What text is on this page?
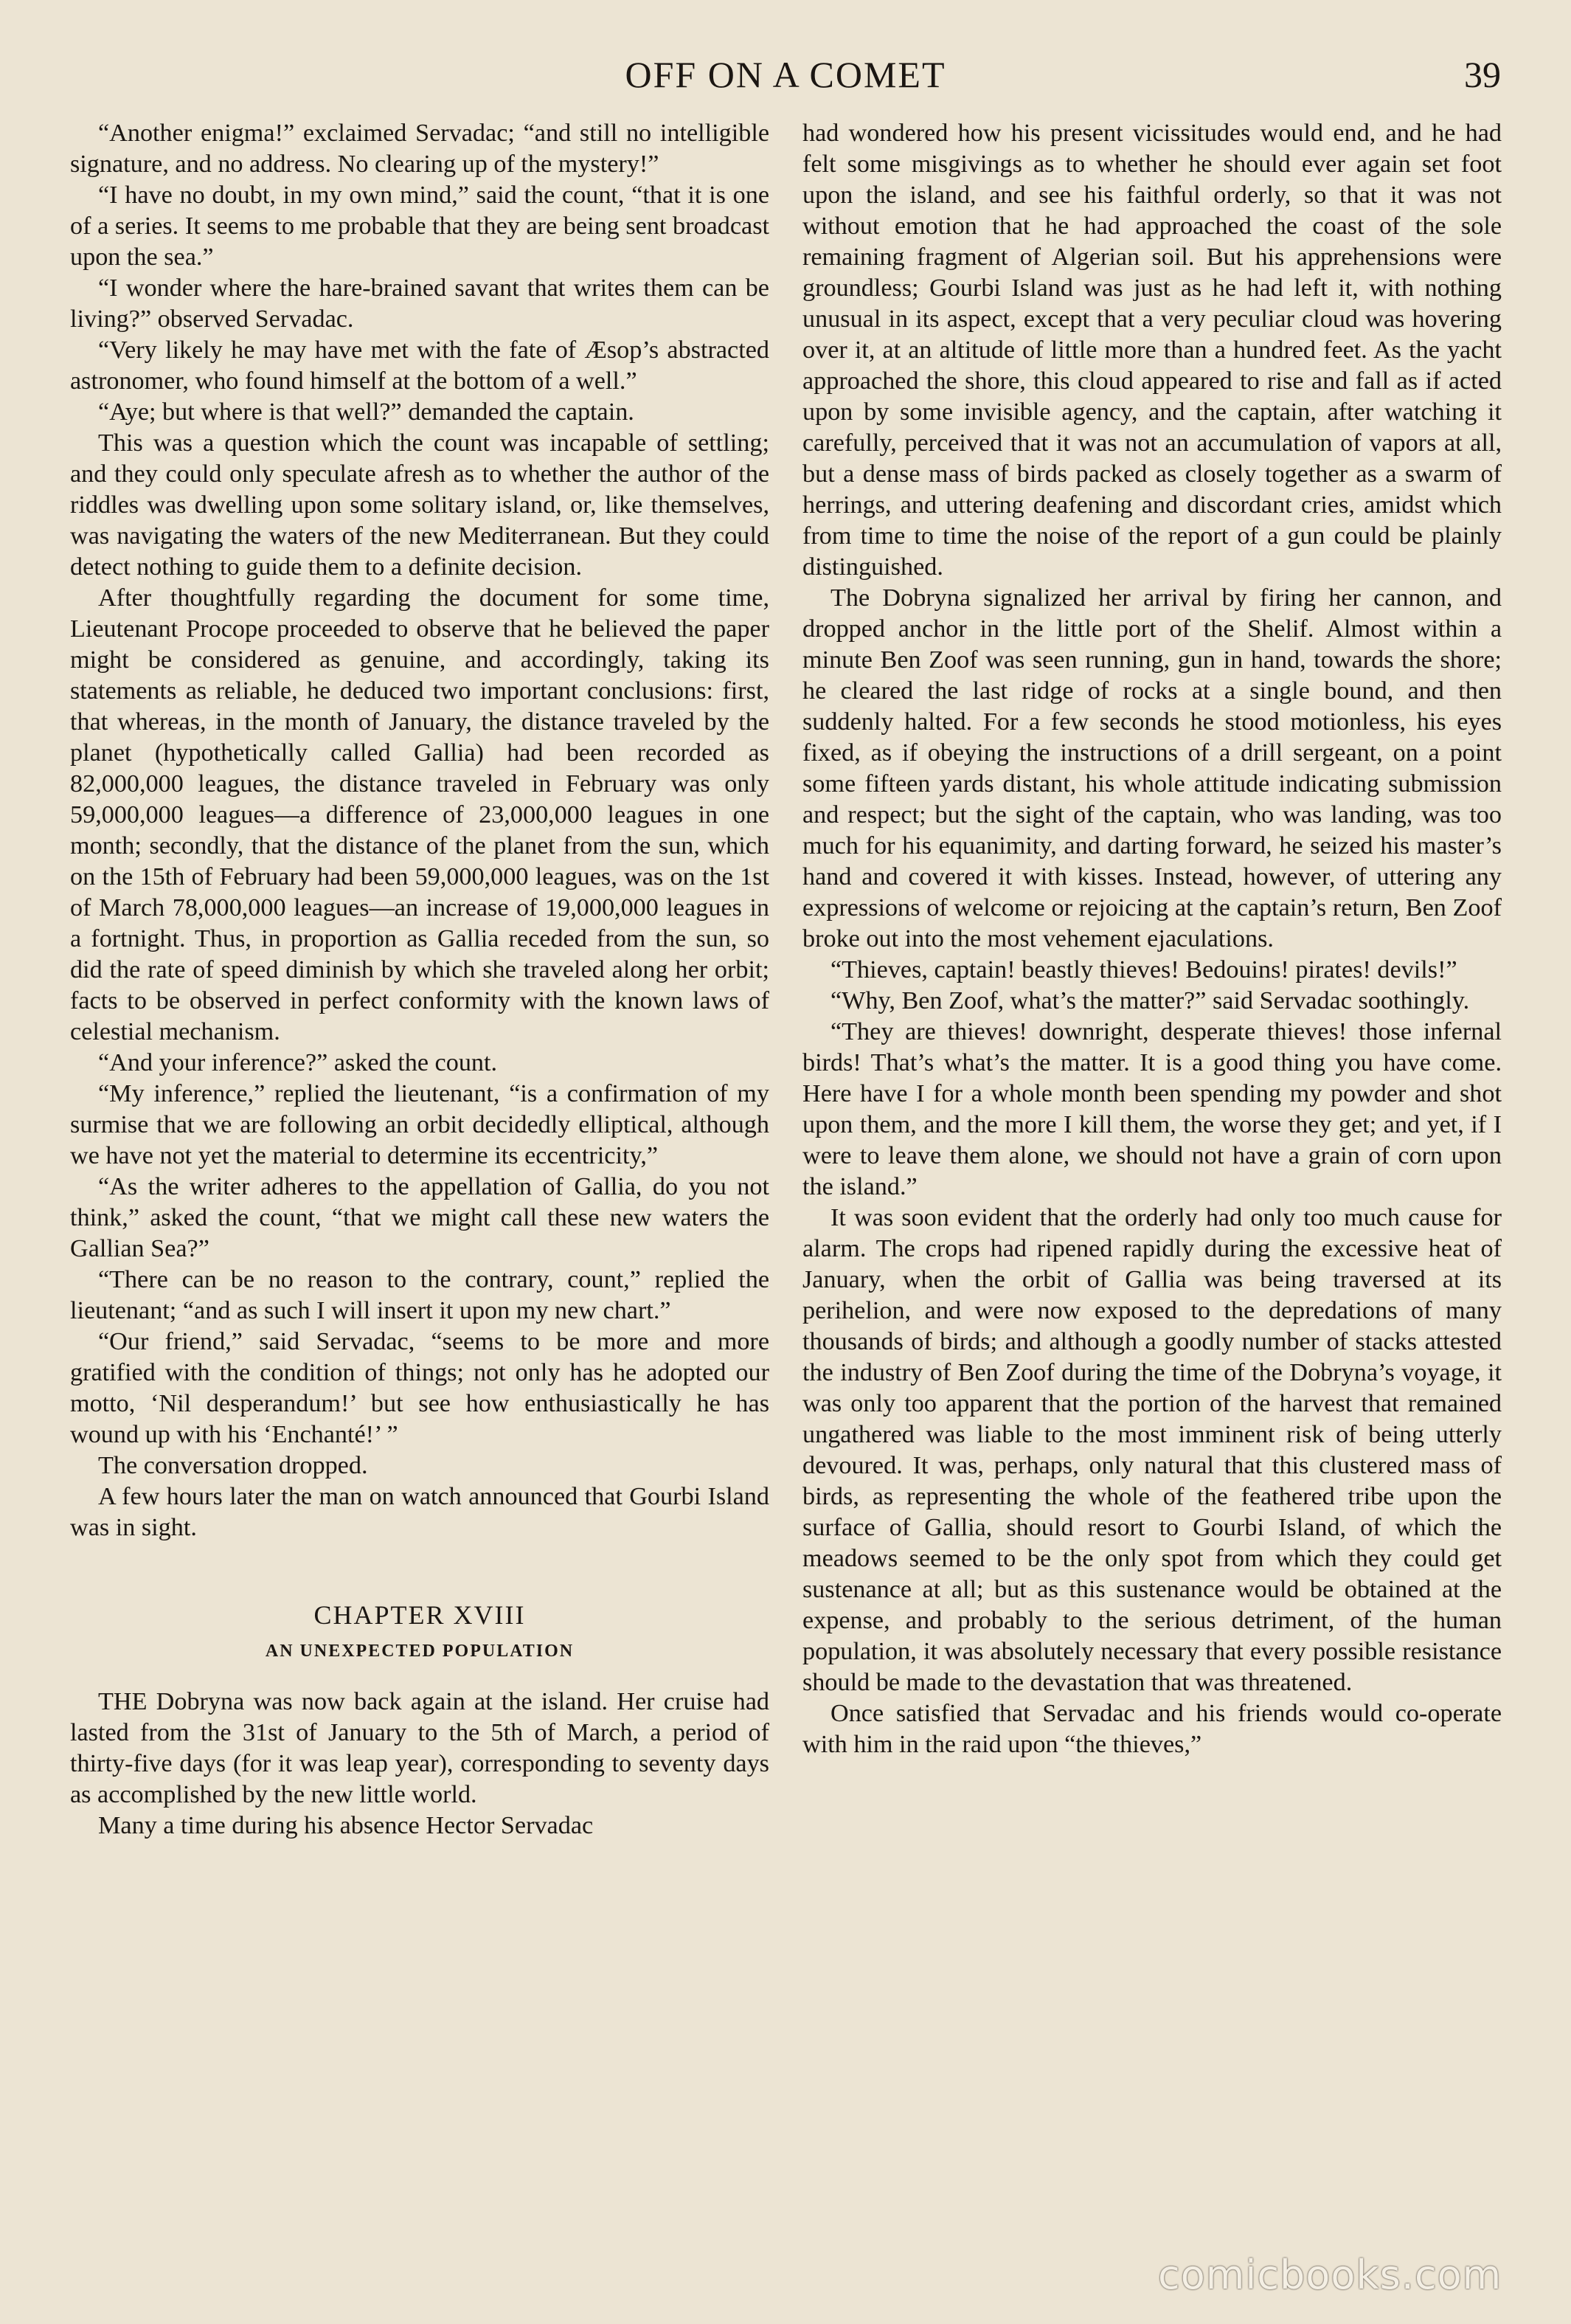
OFF ON A COMET	39

“Another enigma!” exclaimed Servadac; “and still no intelligible signature, and no address. No clearing up of the mystery!”

“I have no doubt, in my own mind,” said the count, “that it is one of a series. It seems to me probable that they are being sent broadcast upon the sea.”

“I wonder where the hare-brained savant that writes them can be living?” observed Servadac.

“Very likely he may have met with the fate of Æsop’s abstracted astronomer, who found himself at the bottom of a well.”

“Aye; but where is that well?” demanded the captain.

This was a question which the count was incapable of settling; and they could only speculate afresh as to whether the author of the riddles was dwelling upon some solitary island, or, like themselves, was navigating the waters of the new Mediterranean. But they could detect nothing to guide them to a definite decision.

After thoughtfully regarding the document for some time, Lieutenant Procope proceeded to observe that he believed the paper might be considered as genuine, and accordingly, taking its statements as reliable, he deduced two important conclusions: first, that whereas, in the month of January, the distance traveled by the planet (hypothetically called Gallia) had been recorded as 82,000,000 leagues, the distance traveled in February was only 59,000,000 leagues—a difference of 23,000,000 leagues in one month; secondly, that the distance of the planet from the sun, which on the 15th of February had been 59,000,000 leagues, was on the 1st of March 78,000,000 leagues—an increase of 19,000,000 leagues in a fortnight. Thus, in proportion as Gallia receded from the sun, so did the rate of speed diminish by which she traveled along her orbit; facts to be observed in perfect conformity with the known laws of celestial mechanism.

“And your inference?” asked the count.

“My inference,” replied the lieutenant, “is a confirmation of my surmise that we are following an orbit decidedly elliptical, although we have not yet the material to determine its eccentricity,”

“As the writer adheres to the appellation of Gallia, do you not think,” asked the count, “that we might call these new waters the Gallian Sea?”

“There can be no reason to the contrary, count,” replied the lieutenant; “and as such I will insert it upon my new chart.”

“Our friend,” said Servadac, “seems to be more and more gratified with the condition of things; not only has he adopted our motto, ‘Nil desperandum!’ but see how enthusiastically he has wound up with his ‘Enchanté!’ ”

The conversation dropped.

A few hours later the man on watch announced that Gourbi Island was in sight.

CHAPTER XVIII
AN UNEXPECTED POPULATION

THE Dobryna was now back again at the island. Her cruise had lasted from the 31st of January to the 5th of March, a period of thirty-five days (for it was leap year), corresponding to seventy days as accomplished by the new little world.

Many a time during his absence Hector Servadac

had wondered how his present vicissitudes would end, and he had felt some misgivings as to whether he should ever again set foot upon the island, and see his faithful orderly, so that it was not without emotion that he had approached the coast of the sole remaining fragment of Algerian soil. But his apprehensions were groundless; Gourbi Island was just as he had left it, with nothing unusual in its aspect, except that a very peculiar cloud was hovering over it, at an altitude of little more than a hundred feet. As the yacht approached the shore, this cloud appeared to rise and fall as if acted upon by some invisible agency, and the captain, after watching it carefully, perceived that it was not an accumulation of vapors at all, but a dense mass of birds packed as closely together as a swarm of herrings, and uttering deafening and discordant cries, amidst which from time to time the noise of the report of a gun could be plainly distinguished.

The Dobryna signalized her arrival by firing her cannon, and dropped anchor in the little port of the Shelif. Almost within a minute Ben Zoof was seen running, gun in hand, towards the shore; he cleared the last ridge of rocks at a single bound, and then suddenly halted. For a few seconds he stood motionless, his eyes fixed, as if obeying the instructions of a drill sergeant, on a point some fifteen yards distant, his whole attitude indicating submission and respect; but the sight of the captain, who was landing, was too much for his equanimity, and darting forward, he seized his master’s hand and covered it with kisses. Instead, however, of uttering any expressions of welcome or rejoicing at the captain’s return, Ben Zoof broke out into the most vehement ejaculations.

“Thieves, captain! beastly thieves! Bedouins! pirates! devils!”

“Why, Ben Zoof, what’s the matter?” said Servadac soothingly.

“They are thieves! downright, desperate thieves! those infernal birds! That’s what’s the matter. It is a good thing you have come. Here have I for a whole month been spending my powder and shot upon them, and the more I kill them, the worse they get; and yet, if I were to leave them alone, we should not have a grain of corn upon the island.”

It was soon evident that the orderly had only too much cause for alarm. The crops had ripened rapidly during the excessive heat of January, when the orbit of Gallia was being traversed at its perihelion, and were now exposed to the depredations of many thousands of birds; and although a goodly number of stacks attested the industry of Ben Zoof during the time of the Dobryna’s voyage, it was only too apparent that the portion of the harvest that remained ungathered was liable to the most imminent risk of being utterly devoured. It was, perhaps, only natural that this clustered mass of birds, as representing the whole of the feathered tribe upon the surface of Gallia, should resort to Gourbi Island, of which the meadows seemed to be the only spot from which they could get sustenance at all; but as this sustenance would be obtained at the expense, and probably to the serious detriment, of the human population, it was absolutely necessary that every possible resistance should be made to the devastation that was threatened.

Once satisfied that Servadac and his friends would co-operate with him in the raid upon “the thieves,”

comicbooks.com
